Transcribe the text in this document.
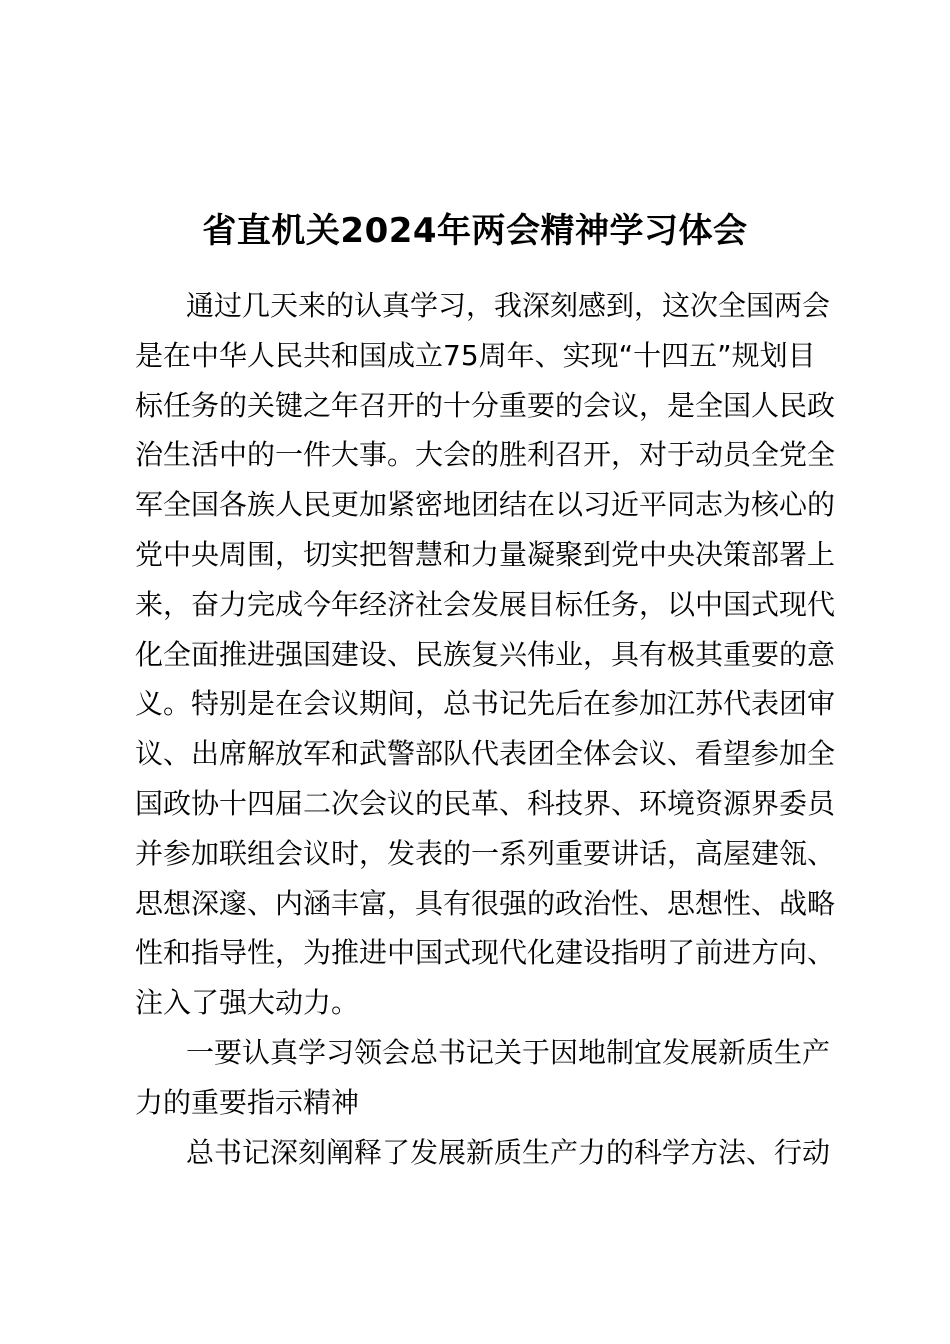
省直机关2024年两会精神学习体会
通过几天来的认真学习，我深刻感到，这次全国两会
是在中华人民共和国成立75周年、实现“十四五”规划目
标任务的关键之年召开的十分重要的会议，是全国人民政
治生活中的一件大事。大会的胜利召开，对于动员全党全
军全国各族人民更加紧密地团结在以习近平同志为核心的
党中央周围，切实把智慧和力量凝聚到党中央决策部署上
来，奋力完成今年经济社会发展目标任务，以中国式现代
化全面推进强国建设、民族复兴伟业，具有极其重要的意
义。特别是在会议期间，总书记先后在参加江苏代表团审
议、出席解放军和武警部队代表团全体会议、看望参加全
国政协十四届二次会议的民革、科技界、环境资源界委员
并参加联组会议时，发表的一系列重要讲话，高屋建瓴、
思想深邃、内涵丰富，具有很强的政治性、思想性、战略
性和指导性，为推进中国式现代化建设指明了前进方向、
注入了强大动力。
一要认真学习领会总书记关于因地制宜发展新质生产
力的重要指示精神
总书记深刻阐释了发展新质生产力的科学方法、行动
